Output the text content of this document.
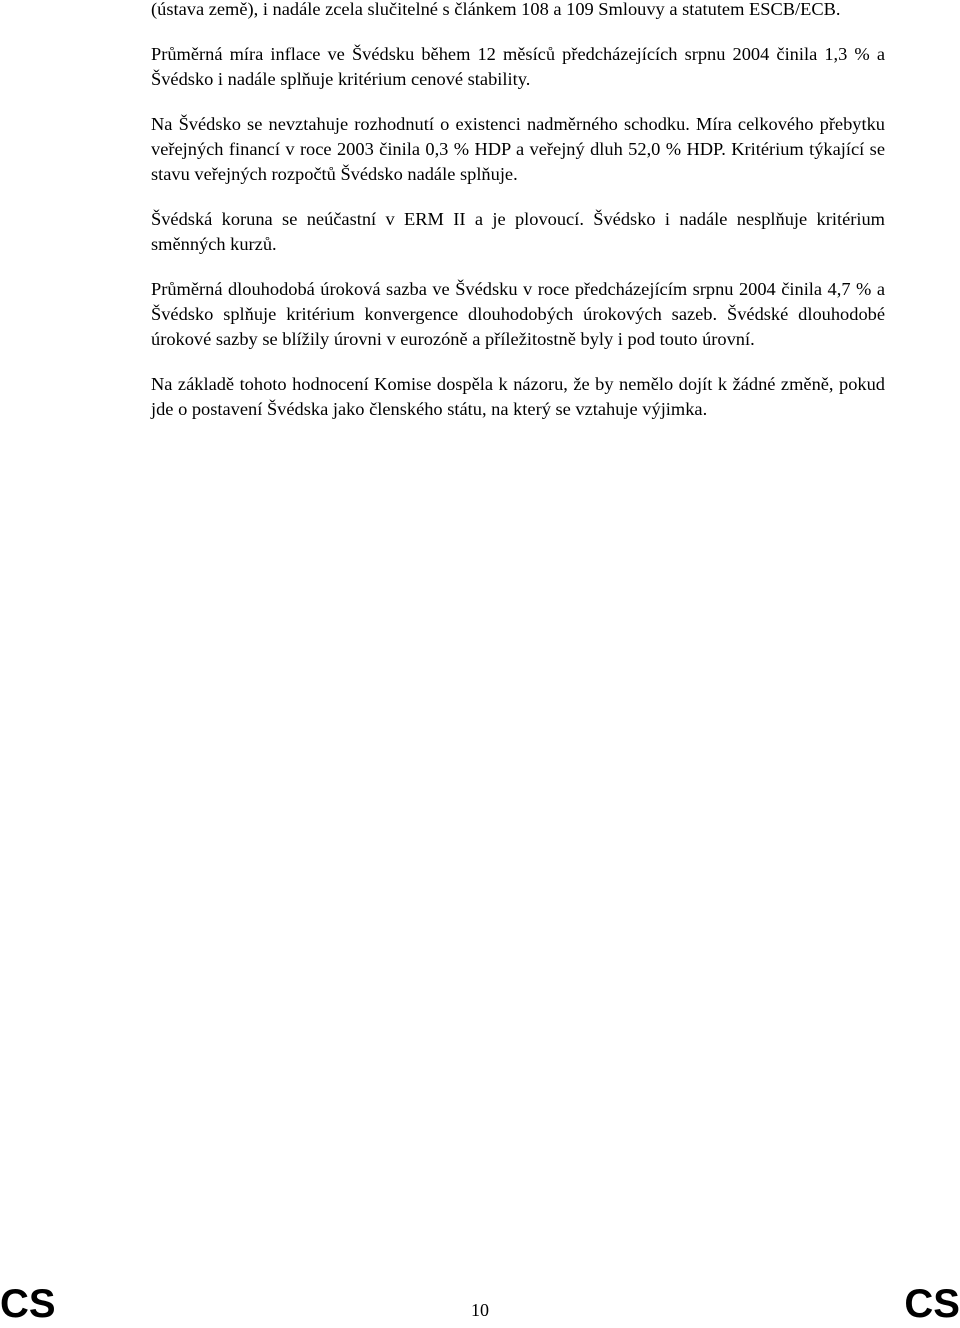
(ústava země), i nadále zcela slučitelné s článkem 108 a 109 Smlouvy a statutem ESCB/ECB.

Průměrná míra inflace ve Švédsku během 12 měsíců předcházejících srpnu 2004 činila 1,3 % a Švédsko i nadále splňuje kritérium cenové stability.

Na Švédsko se nevztahuje rozhodnutí o existenci nadměrného schodku. Míra celkového přebytku veřejných financí v roce 2003 činila 0,3 % HDP a veřejný dluh 52,0 % HDP. Kritérium týkající se stavu veřejných rozpočtů Švédsko nadále splňuje.

Švédská koruna se neúčastní v ERM II a je plovoucí. Švédsko i nadále nesplňuje kritérium směnných kurzů.

Průměrná dlouhodobá úroková sazba ve Švédsku v roce předcházejícím srpnu 2004 činila 4,7 % a Švédsko splňuje kritérium konvergence dlouhodobých úrokových sazeb. Švédské dlouhodobé úrokové sazby se blížily úrovni v eurozóně a příležitostně byly i pod touto úrovní.

Na základě tohoto hodnocení Komise dospěla k názoru, že by nemělo dojít k žádné změně, pokud jde o postavení Švédska jako členského státu, na který se vztahuje výjimka.

CS	10	CS
